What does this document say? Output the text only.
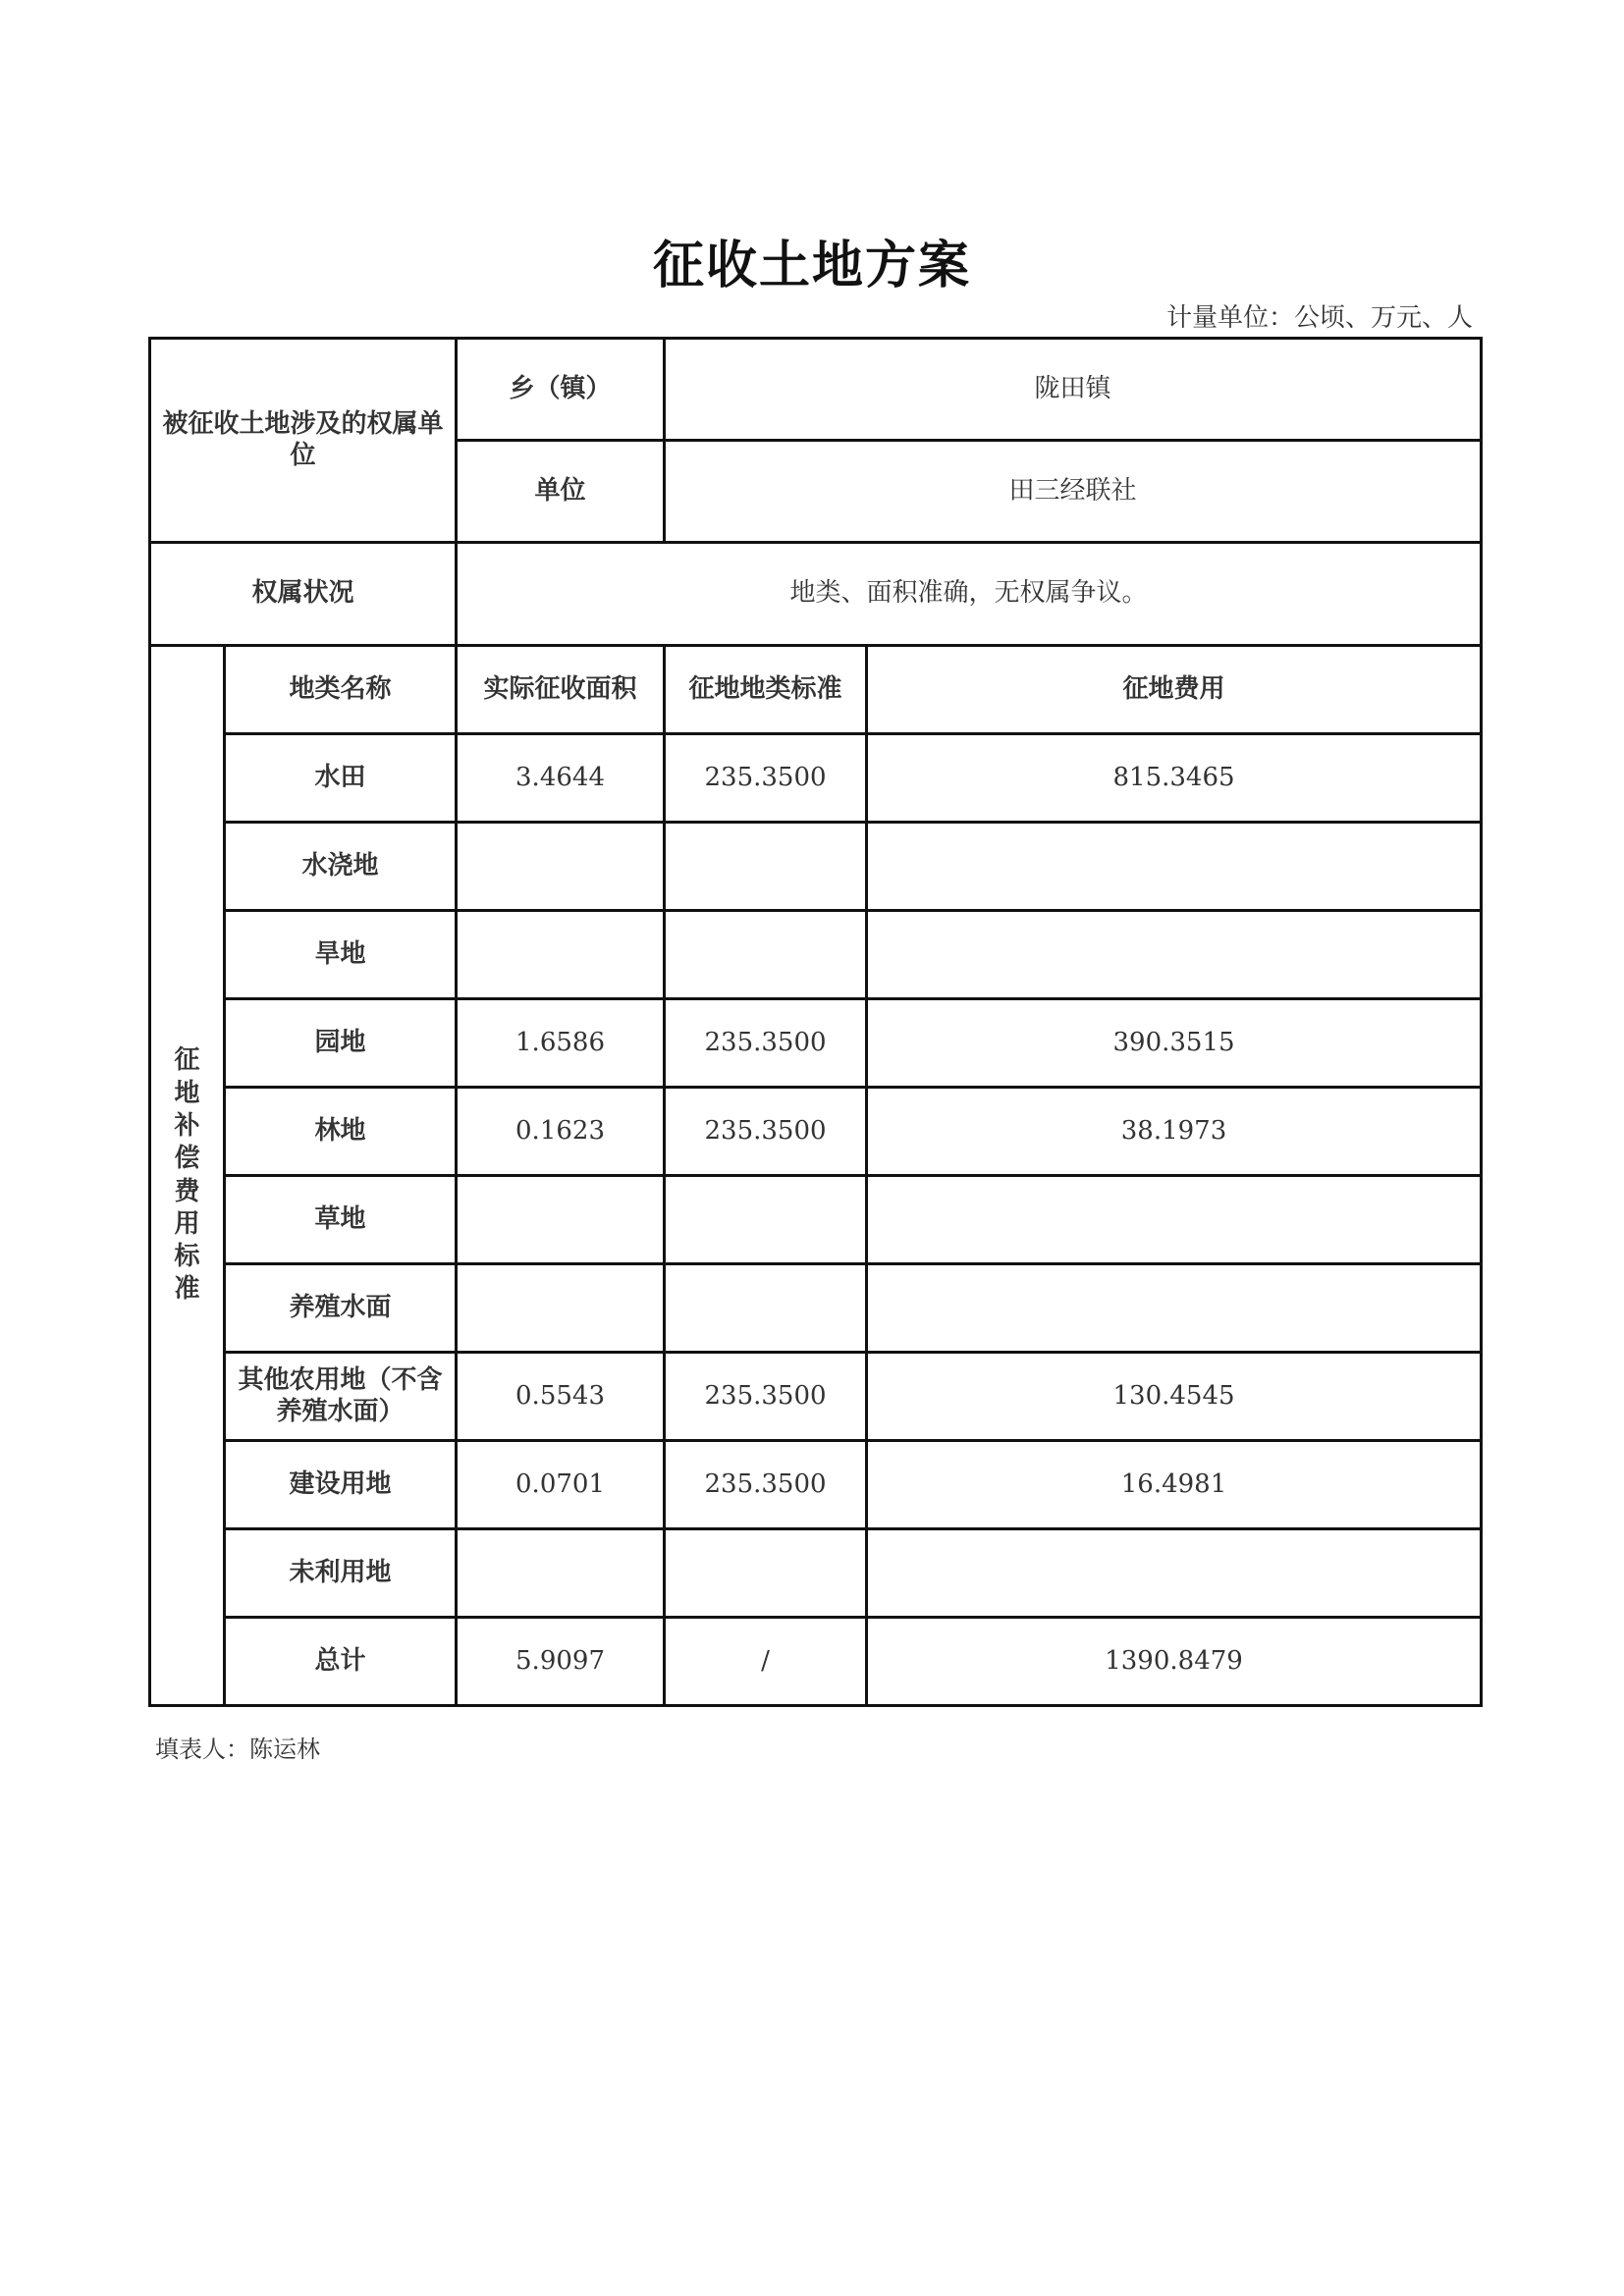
征收土地方案
计量单位：公顷、万元、人
被征收土地涉及的权属单位		乡（镇）	陇田镇	
		单位	田三经联社	
权属状况		地类、面积准确，无权属争议。		
征地补偿费用标准	地类名称	实际征收面积	征地地类标准	征地费用
	水田	3.4644	235.3500	815.3465
	水浇地			
	旱地			
	园地	1.6586	235.3500	390.3515
	林地	0.1623	235.3500	38.1973
	草地			
	养殖水面			
	其他农用地（不含养殖水面）	0.5543	235.3500	130.4545
	建设用地	0.0701	235.3500	16.4981
	未利用地			
	总计	5.9097	/	1390.8479
填表人：陈运林
